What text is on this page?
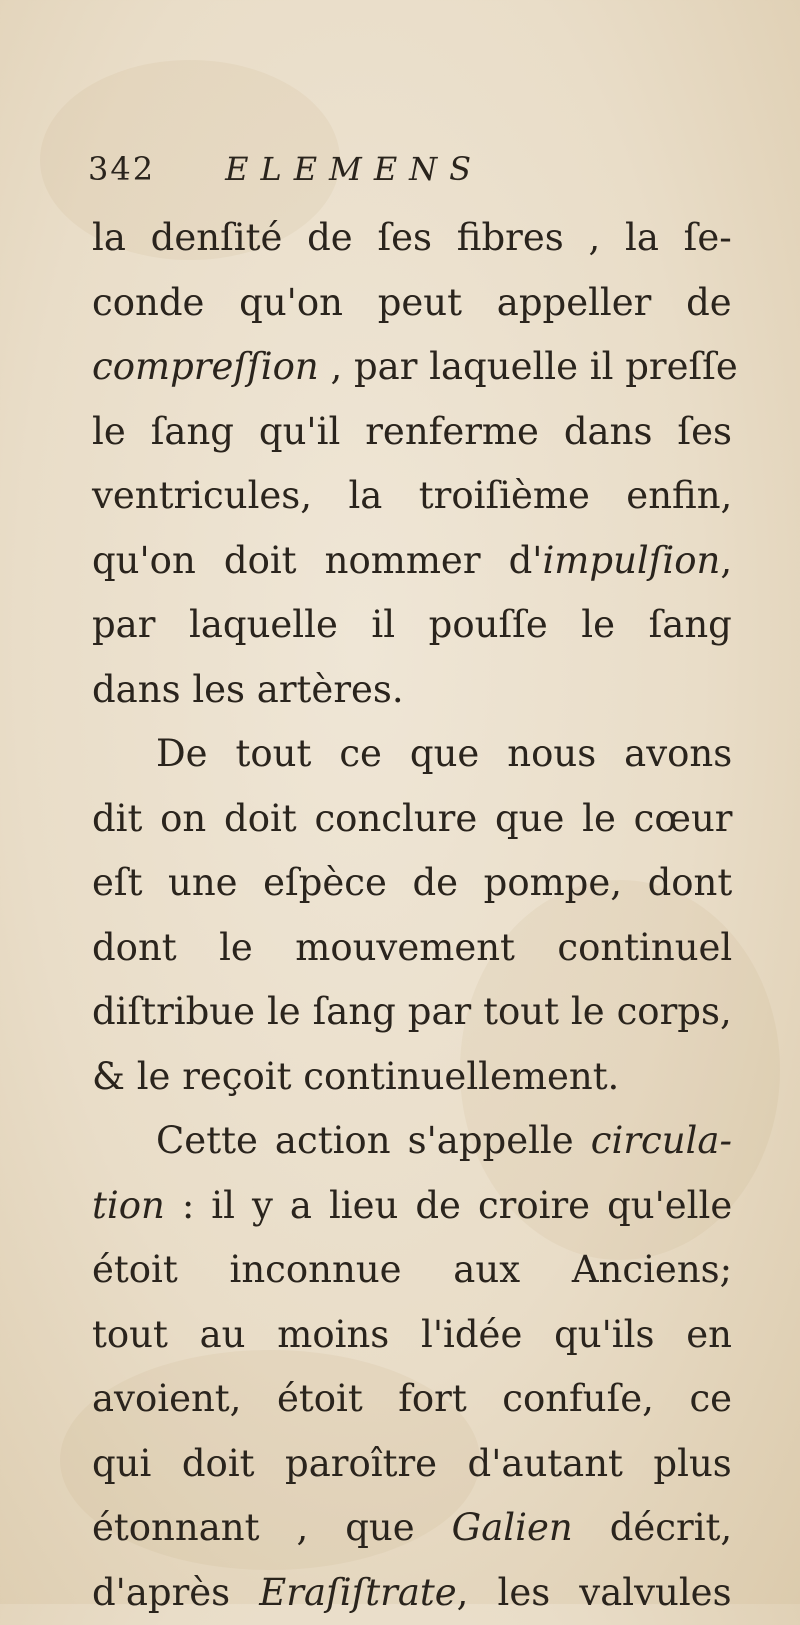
342 ELEMENS
la denſité de ſes fibres , la ſe-
conde qu'on peut appeller de
compreſſion , par laquelle il preſſe
le ſang qu'il renferme dans ſes
ventricules, la troiſième enfin,
qu'on doit nommer d'impulſion,
par laquelle il pouſſe le ſang
dans les artères.
De tout ce que nous avons
dit on doit conclure que le cœur
eſt une eſpèce de pompe, dont
dont le mouvement continuel
diſtribue le ſang par tout le corps,
& le reçoit continuellement.
Cette action s'appelle circula-
tion : il y a lieu de croire qu'elle
étoit inconnue aux Anciens;
tout au moins l'idée qu'ils en
avoient, étoit fort confuſe, ce
qui doit paroître d'autant plus
étonnant , que Galien décrit,
d'après Eraſiſtrate, les valvules
